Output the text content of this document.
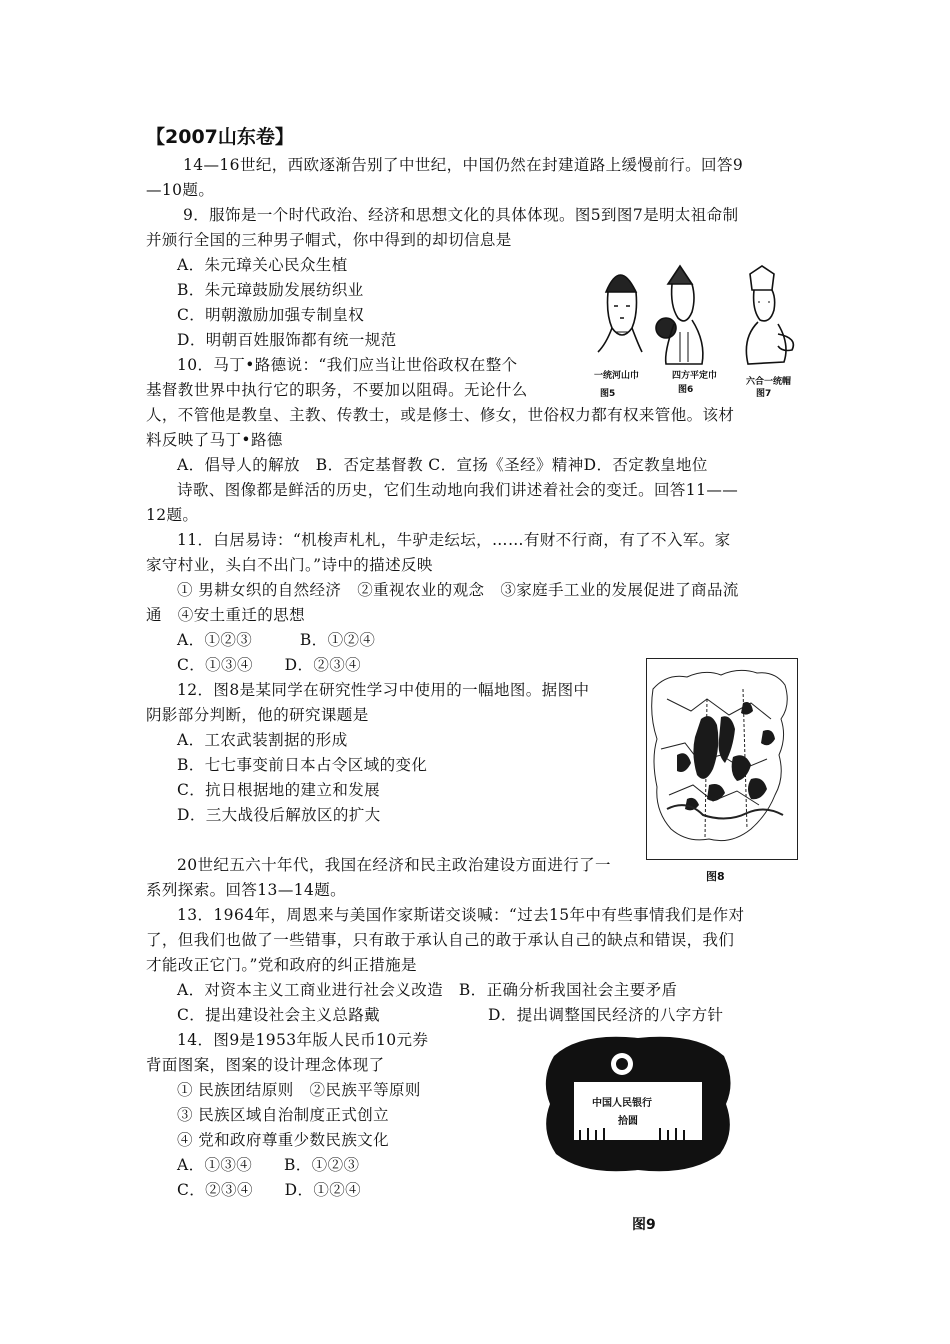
【2007山东卷】
14—16世纪，西欧逐渐告别了中世纪，中国仍然在封建道路上缓慢前行。回答9
—10题。
9．服饰是一个时代政治、经济和思想文化的具体体现。图5到图7是明太祖命制
并颁行全国的三种男子帽式，你中得到的却切信息是
A．朱元璋关心民众生植
B．朱元璋鼓励发展纺织业
C．明朝激励加强专制皇权
D．明朝百姓服饰都有统一规范
10．马丁•路德说：“我们应当让世俗政权在整个
基督教世界中执行它的职务，不要加以阻碍。无论什么
人，不管他是教皇、主教、传教士，或是修士、修女，世俗权力都有权来管他。该材
料反映了马丁•路德
A．倡导人的解放　B．否定基督教 C．宣扬《圣经》精神D．否定教皇地位
诗歌、图像都是鲜活的历史，它们生动地向我们讲述着社会的变迁。回答11——
12题。
11．白居易诗：“机梭声札札，牛驴走纭坛，……有财不行商，有了不入军。家
家守村业，头白不出门。”诗中的描述反映
① 男耕女织的自然经济　②重视农业的观念　③家庭手工业的发展促进了商品流
通　④安土重迁的思想
A．①②③　　　B．①②④
C．①③④　　D．②③④
12．图8是某同学在研究性学习中使用的一幅地图。据图中
阴影部分判断，他的研究课题是
A．工农武装割据的形成
B．七七事变前日本占令区域的变化
C．抗日根据地的建立和发展
D．三大战役后解放区的扩大
20世纪五六十年代，我国在经济和民主政治建设方面进行了一
系列探索。回答13—14题。
13．1964年，周恩来与美国作家斯诺交谈喊：“过去15年中有些事情我们是作对
了，但我们也做了一些错事，只有敢于承认自己的敢于承认自己的缺点和错误，我们
才能改正它门。”党和政府的纠正措施是
A．对资本主义工商业进行社会义改造　B．正确分析我国社会主要矛盾
C．提出建设社会主义总路戴	D．提出调整国民经济的八字方针
14．图9是1953年版人民币10元券
背面图案，图案的设计理念体现了
① 民族团结原则　②民族平等原则
③ 民族区域自治制度正式创立
④ 党和政府尊重少数民族文化
A．①③④　　B．①②③
C．②③④　　D．①②④
一统河山巾	四方平定巾
六合一统帽
图5	图6	图7
图8
中国人民银行
拾圆
图9
